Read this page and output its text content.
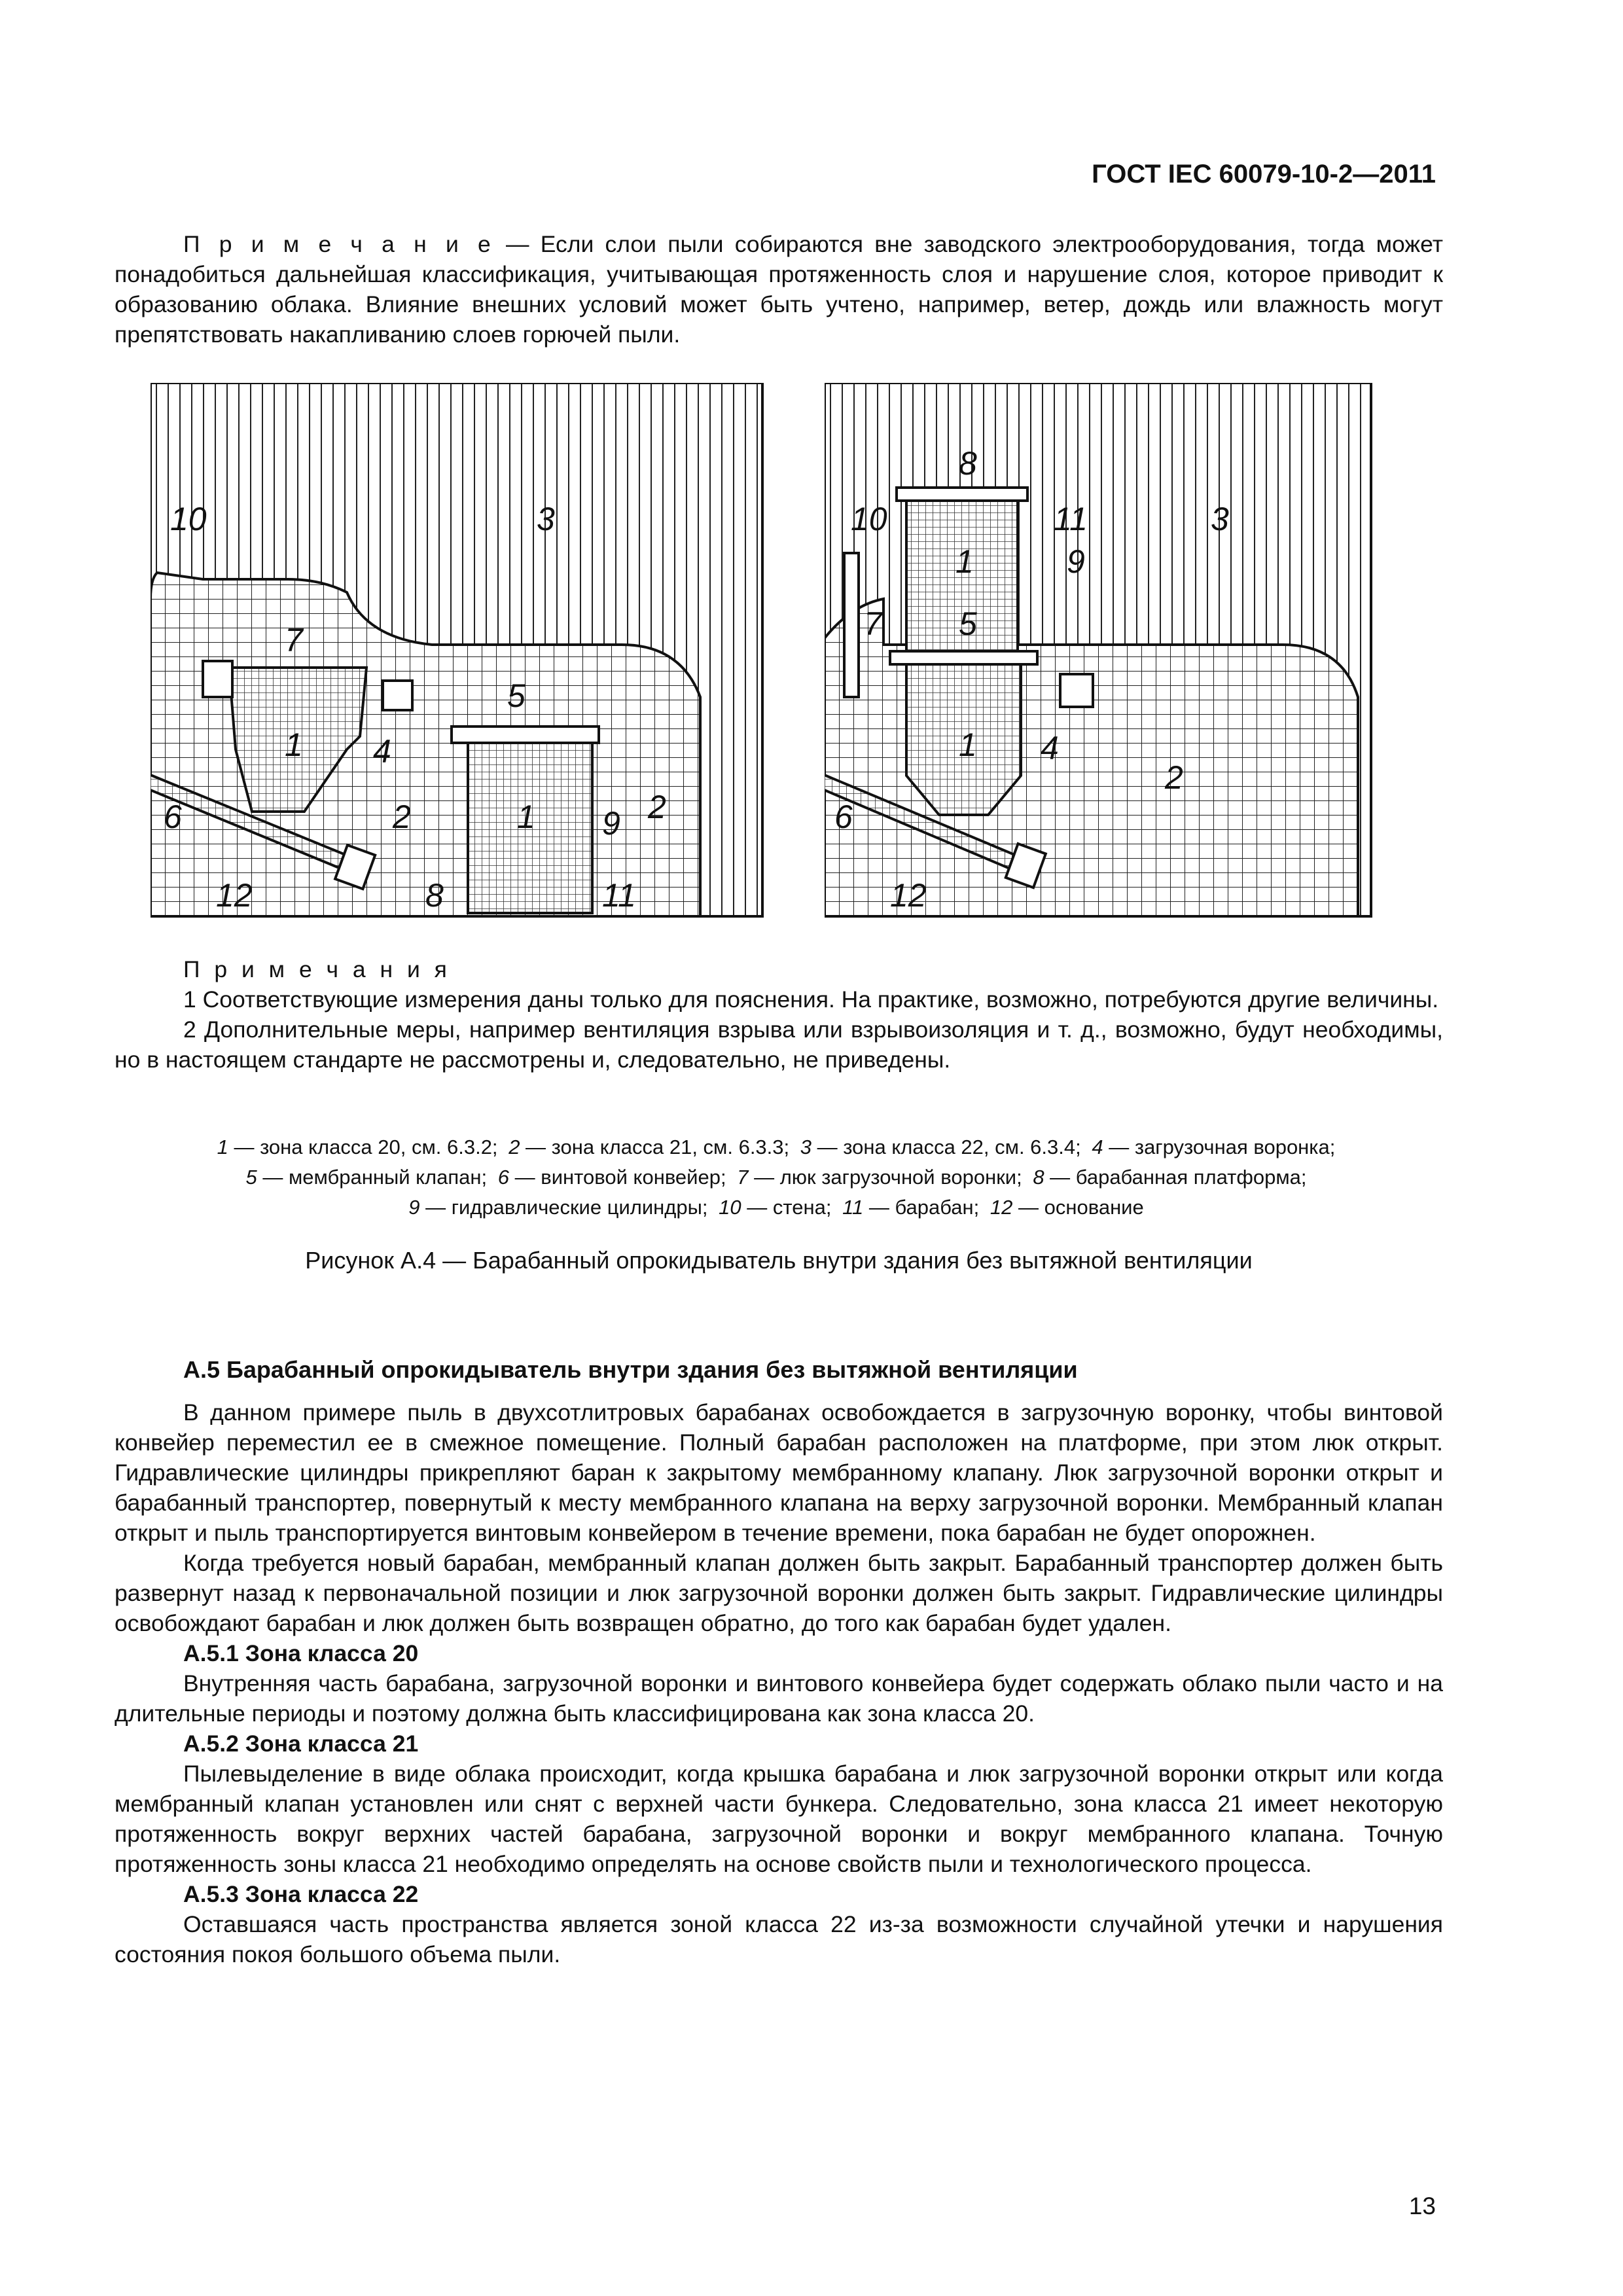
ГОСТ IEC 60079-10-2—2011

П р и м е ч а н и е — Если слои пыли собираются вне заводского электрооборудования, тогда может понадобиться дальнейшая классификация, учитывающая протяженность слоя и нарушение слоя, которое приводит к образованию облака. Влияние внешних условий может быть учтено, например, ветер, дождь или влажность могут препятствовать накапливанию слоев горючей пыли.

10	3
7
5
1 4
1
6	2	9 2
12	8	11
8
10	11	3
1	9
7 5
1 4
2
6
12

П р и м е ч а н и я

1 Соответствующие измерения даны только для пояснения. На практике, возможно, потребуются другие величины.

2 Дополнительные меры, например вентиляция взрыва или взрывоизоляция и т. д., возможно, будут необходимы, но в настоящем стандарте не рассмотрены и, следовательно, не приведены.

1 — зона класса 20, см. 6.3.2; 2 — зона класса 21, см. 6.3.3; 3 — зона класса 22, см. 6.3.4; 4 — загрузочная воронка;
5 — мембранный клапан; 6 — винтовой конвейер; 7 — люк загрузочной воронки; 8 — барабанная платформа;
9 — гидравлические цилиндры; 10 — стена; 11 — барабан; 12 — основание
Рисунок А.4 — Барабанный опрокидыватель внутри здания без вытяжной вентиляции
А.5 Барабанный опрокидыватель внутри здания без вытяжной вентиляции

В данном примере пыль в двухсотлитровых барабанах освобождается в загрузочную воронку, чтобы винтовой конвейер переместил ее в смежное помещение. Полный барабан расположен на платформе, при этом люк открыт. Гидравлические цилиндры прикрепляют баран к закрытому мембранному клапану. Люк загрузочной воронки открыт и барабанный транспортер, повернутый к месту мембранного клапана на верху загрузочной воронки. Мембранный клапан открыт и пыль транспортируется винтовым конвейером в течение времени, пока барабан не будет опорожнен.

Когда требуется новый барабан, мембранный клапан должен быть закрыт. Барабанный транспортер должен быть развернут назад к первоначальной позиции и люк загрузочной воронки должен быть закрыт. Гидравлические цилиндры освобождают барабан и люк должен быть возвращен обратно, до того как барабан будет удален.

А.5.1 Зона класса 20

Внутренняя часть барабана, загрузочной воронки и винтового конвейера будет содержать облако пыли часто и на длительные периоды и поэтому должна быть классифицирована как зона класса 20.

А.5.2 Зона класса 21

Пылевыделение в виде облака происходит, когда крышка барабана и люк загрузочной воронки открыт или когда мембранный клапан установлен или снят с верхней части бункера. Следовательно, зона класса 21 имеет некоторую протяженность вокруг верхних частей барабана, загрузочной воронки и вокруг мембранного клапана. Точную протяженность зоны класса 21 необходимо определять на основе свойств пыли и технологического процесса.

А.5.3 Зона класса 22

Оставшаяся часть пространства является зоной класса 22 из-за возможности случайной утечки и нарушения состояния покоя большого объема пыли.

13
